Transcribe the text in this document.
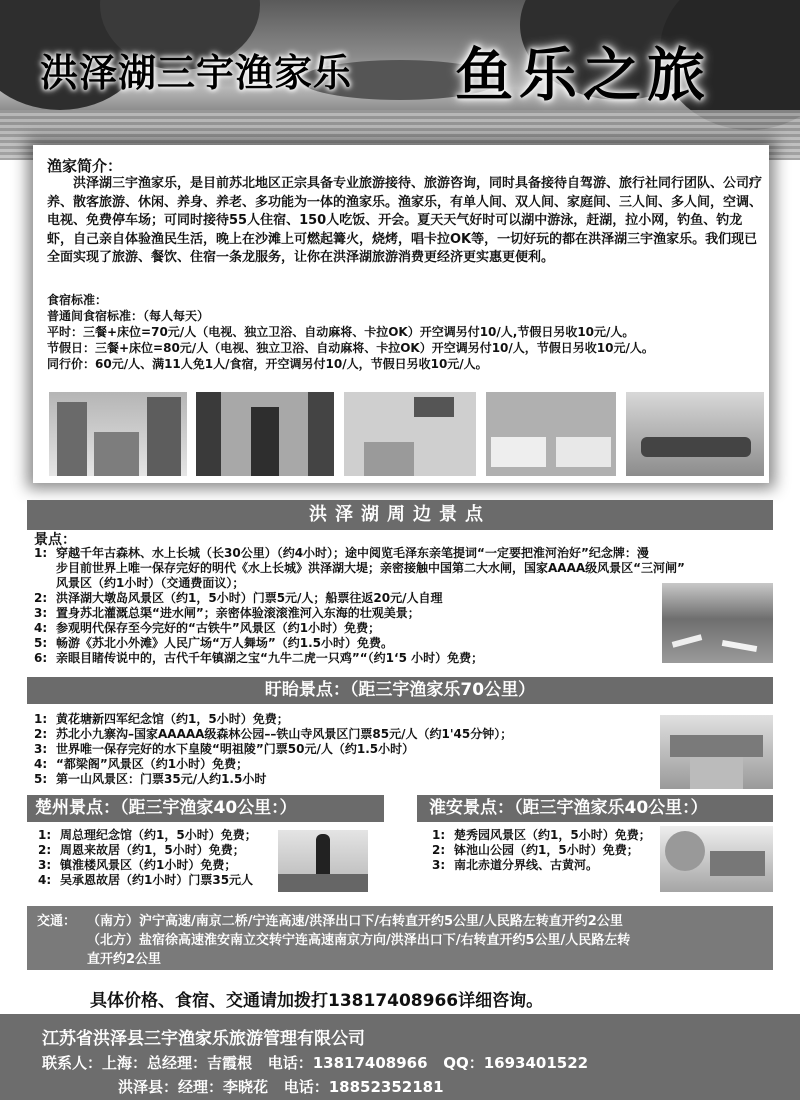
洪泽湖三宇渔家乐 鱼乐之旅
渔家简介：
洪泽湖三宇渔家乐，是目前苏北地区正宗具备专业旅游接待、旅游咨询，同时具备接待自驾游、旅行社同行团队、公司疗养、散客旅游、休闲、养身、养老、多功能为一体的渔家乐。渔家乐，有单人间、双人间、家庭间、三人间、多人间，空调、电视、免费停车场；可同时接待55人住宿、150人吃饭、开会。夏天天气好时可以湖中游泳，赶湖，拉小网，钓鱼、钓龙虾，自己亲自体验渔民生活，晚上在沙滩上可燃起篝火，烧烤，唱卡拉OK等，一切好玩的都在洪泽湖三宇渔家乐。我们现已全面实现了旅游、餐饮、住宿一条龙服务，让你在洪泽湖旅游消费更经济更实惠更便利。
食宿标准：
普通间食宿标准：（每人每天）
平时：三餐+床位=70元/人（电视、独立卫浴、自动麻将、卡拉OK）开空调另付10/人,节假日另收10元/人。
节假日：三餐+床位=80元/人（电视、独立卫浴、自动麻将、卡拉OK）开空调另付10/人，节假日另收10元/人。
同行价：60元/人、满11人免1人/食宿，开空调另付10/人，节假日另收10元/人。
洪泽湖周边景点
景点：
1: 穿越千年古森林、水上长城（长30公里）（约4小时）；途中阅览毛泽东亲笔提词“一定要把淮河治好”纪念牌：漫
步目前世界上唯一保存完好的明代《水上长城》洪泽湖大堤；亲密接触中国第二大水闸，国家AAAA级风景区“三河闸”
风景区（约1小时）（交通费面议）；
2: 洪泽湖大墩岛风景区（约1，5小时）门票5元/人；船票往返20元/人自理
3: 置身苏北灌溉总渠“进水闸”；亲密体验滚滚淮河入东海的壮观美景；
4: 参观明代保存至今完好的“古铁牛”风景区（约1小时）免费；
5: 畅游《苏北小外滩》人民广场“万人舞场”（约1.5小时）免费。
6: 亲眼目睹传说中的，古代千年镇湖之宝“九牛二虎一只鸡”“（约1‘5 小时）免费；
盱眙景点：（距三宇渔家乐70公里）
1: 黄花塘新四军纪念馆（约1，5小时）免费；
2: 苏北小九寨沟–国家AAAAA级森林公园––铁山寺风景区门票85元/人（约1'45分钟）；
3: 世界唯一保存完好的水下皇陵“明祖陵”门票50元/人（约1.5小时）
4: “都梁阁”风景区（约1小时）免费；
5: 第一山风景区：门票35元/人约1.5小时
楚州景点：（距三宇渔家40公里：）
1: 周总理纪念馆（约1，5小时）免费；
2: 周恩来故居（约1，5小时）免费；
3: 镇淮楼风景区（约1小时）免费；
4: 吴承恩故居（约1小时）门票35元人
淮安景点：（距三宇渔家乐40公里：）
1: 楚秀园风景区（约1，5小时）免费；
2: 钵池山公园（约1，5小时）免费；
3: 南北赤道分界线、古黄河。
交通： （南方）沪宁高速/南京二桥/宁连高速/洪泽出口下/右转直开约5公里/人民路左转直开约2公里
（北方）盐宿徐高速淮安南立交转宁连高速南京方向/洪泽出口下/右转直开约5公里/人民路左转
直开约2公里
具体价格、食宿、交通请加拨打13817408966详细咨询。
江苏省洪泽县三宇渔家乐旅游管理有限公司
联系人：上海：总经理：吉霞根 电话：13817408966 QQ：1693401522
洪泽县：经理：李晓花 电话：18852352181
